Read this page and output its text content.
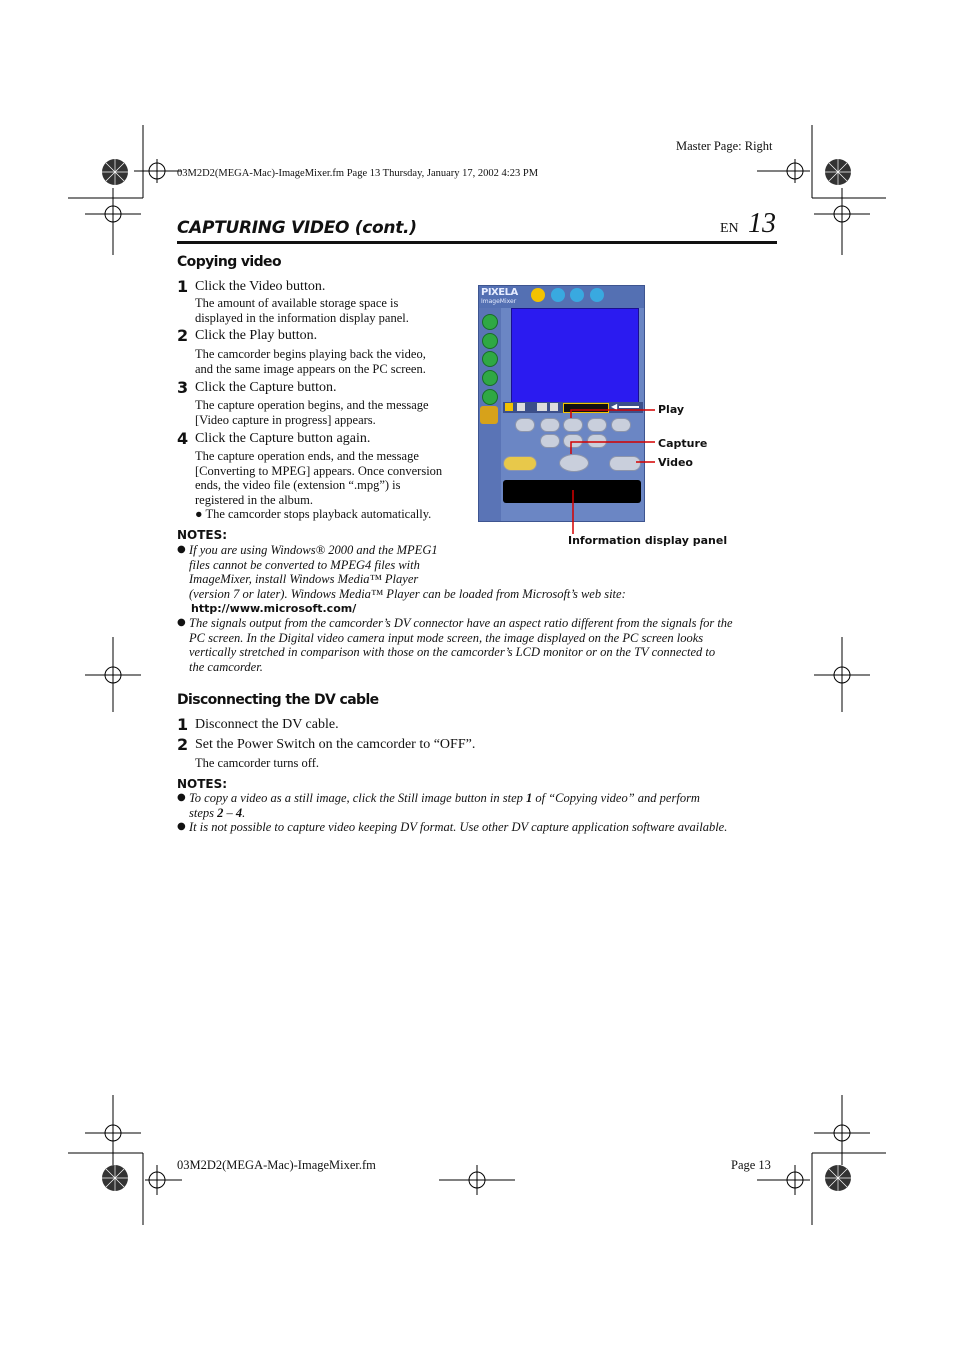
Master Page: Right
03M2D2(MEGA-Mac)-ImageMixer.fm Page 13 Thursday, January 17, 2002 4:23 PM
CAPTURING VIDEO (cont.)	EN 13
Copying video
1 Click the Video button.
The amount of available storage space is
displayed in the information display panel.
2 Click the Play button.
The camcorder begins playing back the video,
and the same image appears on the PC screen.
3 Click the Capture button.
The capture operation begins, and the message
[Video capture in progress] appears.
4 Click the Capture button again.
The capture operation ends, and the message
[Converting to MPEG] appears. Once conversion
ends, the video file (extension “.mpg”) is
registered in the album.
● The camcorder stops playback automatically.
NOTES:
● If you are using Windows® 2000 and the MPEG1
files cannot be converted to MPEG4 files with
ImageMixer, install Windows Media™ Player
(version 7 or later). Windows Media™ Player can be loaded from Microsoft’s web site:
http://www.microsoft.com/
● The signals output from the camcorder’s DV connector have an aspect ratio different from the signals for the
PC screen. In the Digital video camera input mode screen, the image displayed on the PC screen looks
vertically stretched in comparison with those on the camcorder’s LCD monitor or on the TV connected to
the camcorder.
PIXELA
ImageMixer
◀	Play
Capture
Video
Information display panel
Disconnecting the DV cable
1 Disconnect the DV cable.
2 Set the Power Switch on the camcorder to “OFF”.
The camcorder turns off.
NOTES:
● To copy a video as a still image, click the Still image button in step 1 of “Copying video” and perform
steps 2 – 4.
● It is not possible to capture video keeping DV format. Use other DV capture application software available.
03M2D2(MEGA-Mac)-ImageMixer.fm	Page 13
